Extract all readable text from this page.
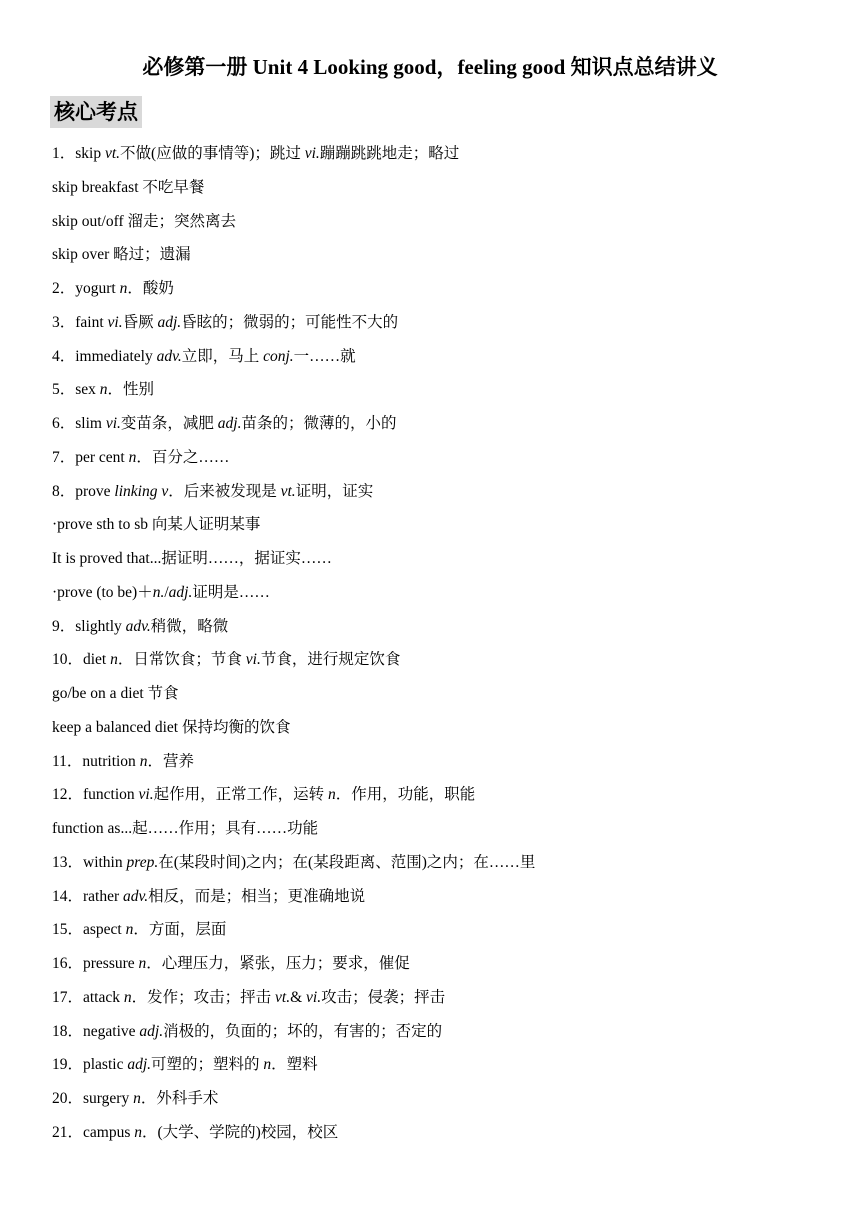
必修第一册 Unit 4 Looking good，feeling good 知识点总结讲义
核心考点
1．skip vt.不做(应做的事情等)；跳过 vi.蹦蹦跳跳地走；略过
skip breakfast 不吃早餐
skip out/off 溜走；突然离去
skip over 略过；遗漏
2．yogurt n．酸奶
3．faint vi.昏厥 adj.昏眩的；微弱的；可能性不大的
4．immediately adv.立即，马上 conj.一……就
5．sex n．性别
6．slim vi.变苗条，减肥 adj.苗条的；微薄的，小的
7．per cent n．百分之……
8．prove linking v．后来被发现是 vt.证明，证实
·prove sth to sb 向某人证明某事
It is proved that...据证明……，据证实……
·prove (to be)＋n./adj.证明是……
9．slightly adv.稍微，略微
10．diet n．日常饮食；节食 vi.节食，进行规定饮食
go/be on a diet 节食
keep a balanced diet 保持均衡的饮食
11．nutrition n．营养
12．function vi.起作用，正常工作，运转 n．作用，功能，职能
function as...起……作用；具有……功能
13．within prep.在(某段时间)之内；在(某段距离、范围)之内；在……里
14．rather adv.相反，而是；相当；更准确地说
15．aspect n．方面，层面
16．pressure n．心理压力，紧张，压力；要求，催促
17．attack n．发作；攻击；抨击 vt.& vi.攻击；侵袭；抨击
18．negative adj.消极的，负面的；坏的，有害的；否定的
19．plastic adj.可塑的；塑料的 n．塑料
20．surgery n．外科手术
21．campus n．(大学、学院的)校园，校区
